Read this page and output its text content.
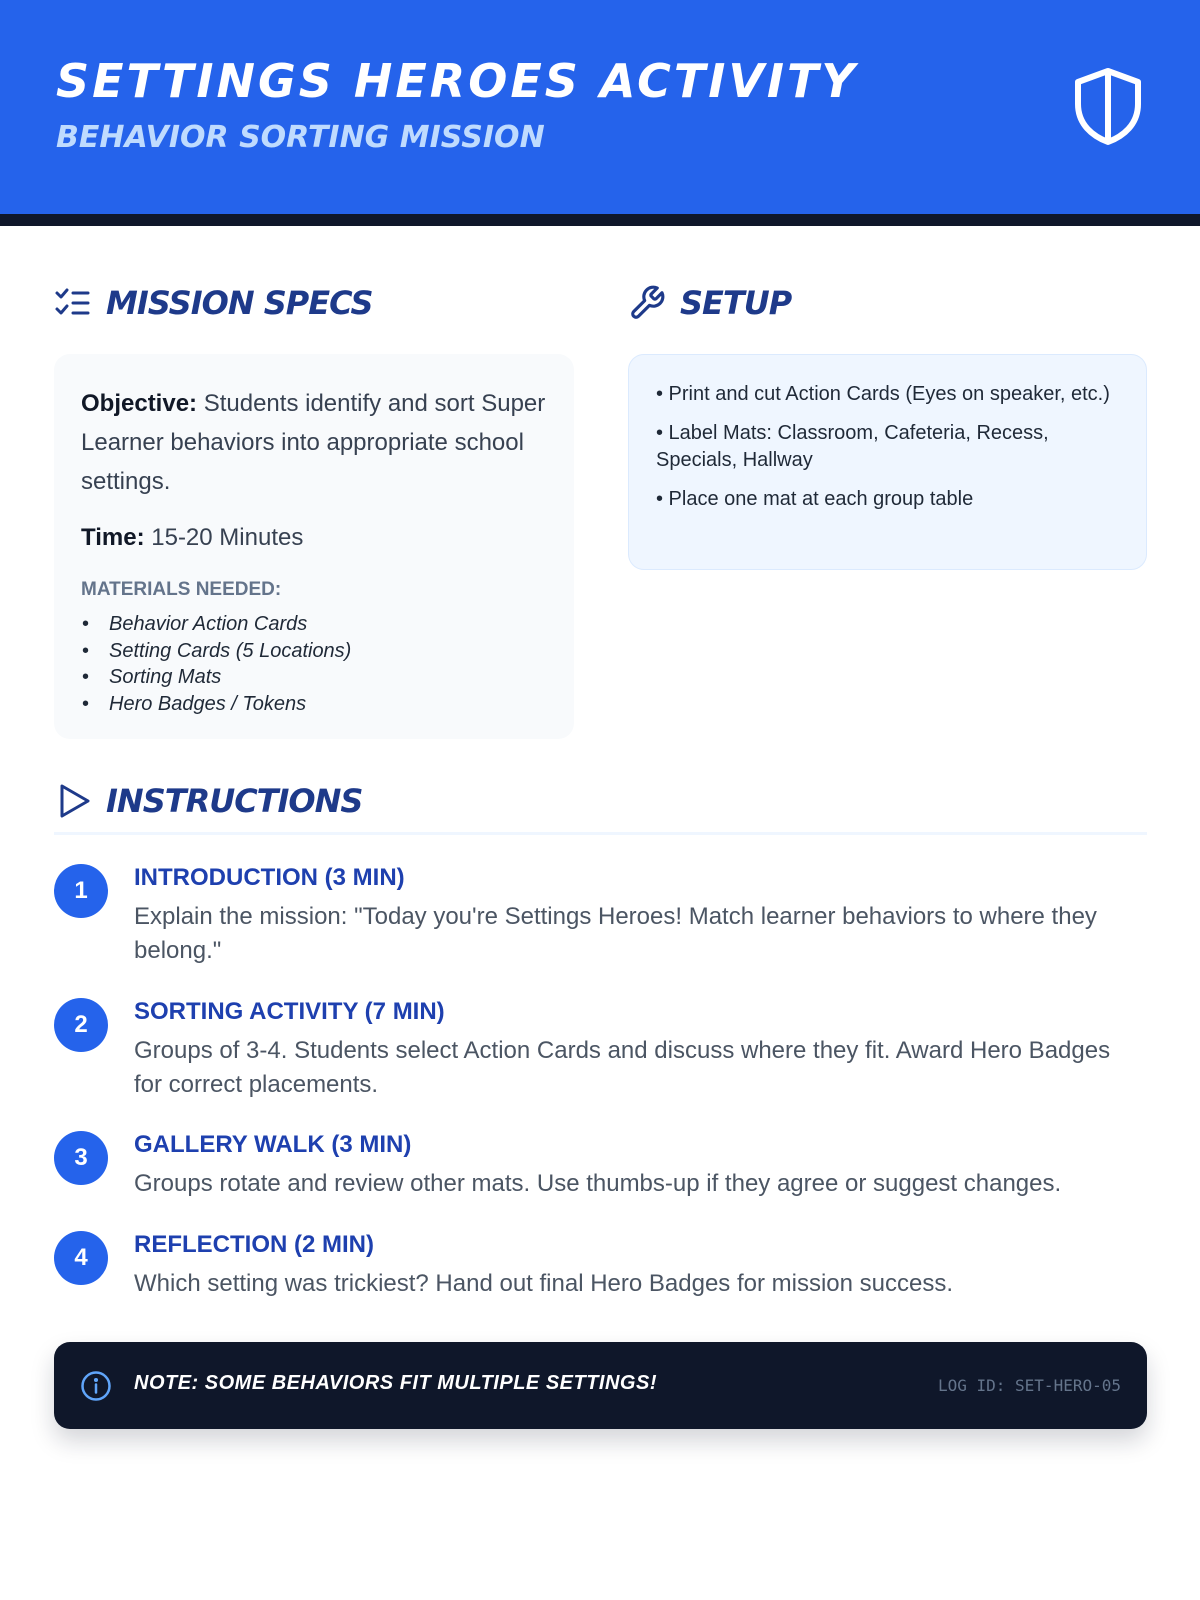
SETTINGS HEROES ACTIVITY
BEHAVIOR SORTING MISSION
MISSION SPECS	SETUP

Objective: Students identify and sort Super Learner behaviors into appropriate school settings.

Time: 15-20 Minutes

MATERIALS NEEDED:
• Behavior Action Cards
• Setting Cards (5 Locations)
• Sorting Mats
• Hero Badges / Tokens
• Print and cut Action Cards (Eyes on speaker, etc.)
• Label Mats: Classroom, Cafeteria, Recess, Specials, Hallway
• Place one mat at each group table
INSTRUCTIONS
1	INTRODUCTION (3 MIN)
Explain the mission: "Today you're Settings Heroes! Match learner behaviors to where they belong."
2	SORTING ACTIVITY (7 MIN)
Groups of 3-4. Students select Action Cards and discuss where they fit. Award Hero Badges for correct placements.
3	GALLERY WALK (3 MIN)
Groups rotate and review other mats. Use thumbs-up if they agree or suggest changes.
4	REFLECTION (2 MIN)
Which setting was trickiest? Hand out final Hero Badges for mission success.
NOTE: SOME BEHAVIORS FIT MULTIPLE SETTINGS!	LOG ID: SET-HERO-05
